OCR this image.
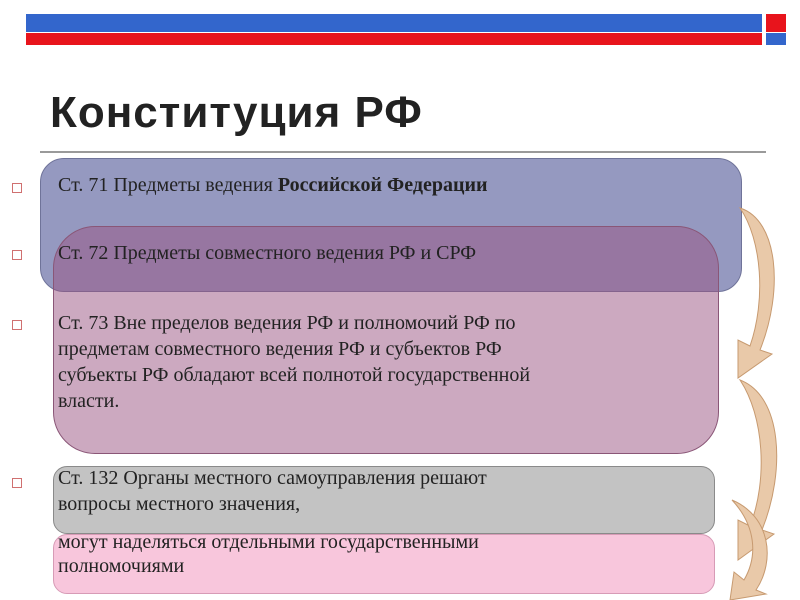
Конституция РФ
Ст. 71 Предметы ведения Российской Федерации
Ст. 72 Предметы совместного ведения РФ и СРФ
Ст. 73 Вне пределов ведения РФ и полномочий РФ по
предметам совместного ведения РФ и субъектов РФ
субъекты РФ обладают всей полнотой государственной
власти.
Ст. 132 Органы местного самоуправления решают
вопросы местного значения,
могут наделяться отдельными государственными
полномочиями
